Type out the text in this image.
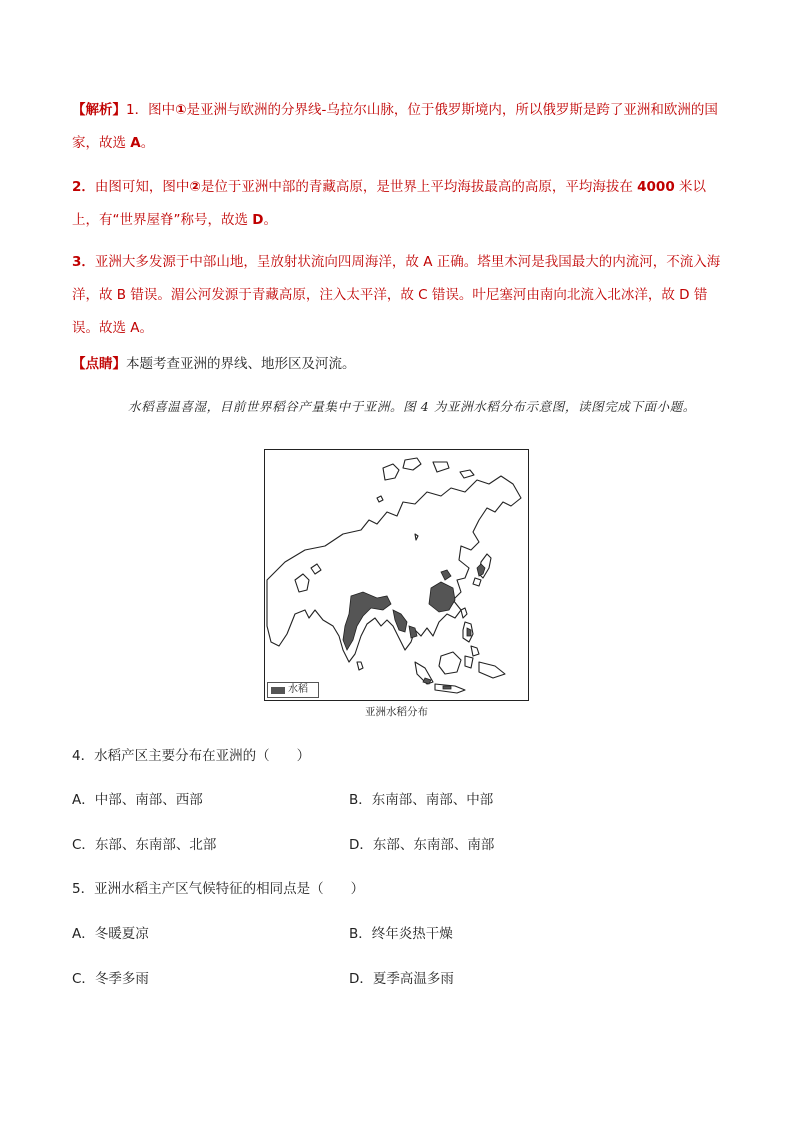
【解析】1．图中①是亚洲与欧洲的分界线-乌拉尔山脉，位于俄罗斯境内，所以俄罗斯是跨了亚洲和欧洲的国家，故选 A。
2．由图可知，图中②是位于亚洲中部的青藏高原，是世界上平均海拔最高的高原，平均海拔在 4000 米以上，有“世界屋脊”称号，故选 D。
3．亚洲大多发源于中部山地，呈放射状流向四周海洋，故 A 正确。塔里木河是我国最大的内流河，不流入海洋，故 B 错误。湄公河发源于青藏高原，注入太平洋，故 C 错误。叶尼塞河由南向北流入北冰洋，故 D 错误。故选 A。
【点睛】本题考查亚洲的界线、地形区及河流。
水稻喜温喜湿，目前世界稻谷产量集中于亚洲。图 4 为亚洲水稻分布示意图，读图完成下面小题。
水稻
亚洲水稻分布
4．水稻产区主要分布在亚洲的（　　）
A．中部、南部、西部	B．东南部、南部、中部
C．东部、东南部、北部	D．东部、东南部、南部
5．亚洲水稻主产区气候特征的相同点是（　　）
A．冬暖夏凉	B．终年炎热干燥
C．冬季多雨	D．夏季高温多雨
